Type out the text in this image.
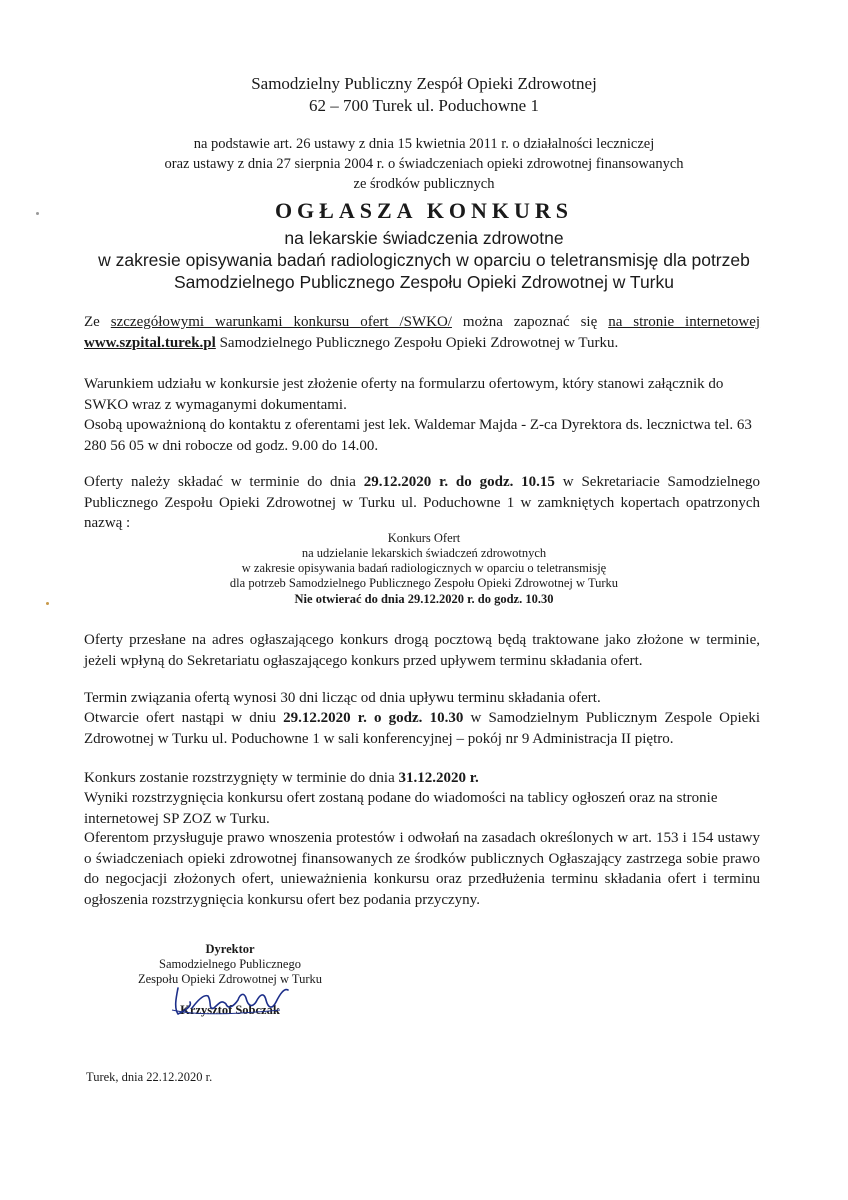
Samodzielny Publiczny Zespół Opieki Zdrowotnej
62 – 700 Turek ul. Poduchowne 1
na podstawie art. 26 ustawy z dnia 15 kwietnia 2011 r. o działalności leczniczej
oraz ustawy z dnia 27 sierpnia 2004 r. o świadczeniach opieki zdrowotnej finansowanych
ze środków publicznych
OGŁASZA KONKURS
na lekarskie świadczenia zdrowotne
w zakresie opisywania badań radiologicznych w oparciu o teletransmisję dla potrzeb
Samodzielnego Publicznego Zespołu Opieki Zdrowotnej w Turku
Ze szczegółowymi warunkami konkursu ofert /SWKO/ można zapoznać się na stronie internetowej www.szpital.turek.pl Samodzielnego Publicznego Zespołu Opieki Zdrowotnej w Turku.
Warunkiem udziału w konkursie jest złożenie oferty na formularzu ofertowym, który stanowi załącznik do SWKO wraz z wymaganymi dokumentami.
Osobą upoważnioną do kontaktu z oferentami jest lek. Waldemar Majda - Z-ca Dyrektora ds. lecznictwa tel. 63 280 56 05 w dni robocze od godz. 9.00 do 14.00.
Oferty należy składać w terminie do dnia 29.12.2020 r. do godz. 10.15 w Sekretariacie Samodzielnego Publicznego Zespołu Opieki Zdrowotnej w Turku ul. Poduchowne 1 w zamkniętych kopertach opatrzonych nazwą :
Konkurs Ofert
na udzielanie lekarskich świadczeń zdrowotnych
w zakresie opisywania badań radiologicznych w oparciu o teletransmisję
dla potrzeb Samodzielnego Publicznego Zespołu Opieki Zdrowotnej w Turku
Nie otwierać do dnia 29.12.2020 r. do godz. 10.30
Oferty przesłane na adres ogłaszającego konkurs drogą pocztową będą traktowane jako złożone w terminie, jeżeli wpłyną do Sekretariatu ogłaszającego konkurs przed upływem terminu składania ofert.
Termin związania ofertą wynosi 30 dni licząc od dnia upływu terminu składania ofert.
Otwarcie ofert nastąpi w dniu 29.12.2020 r. o godz. 10.30 w Samodzielnym Publicznym Zespole Opieki Zdrowotnej w Turku ul. Poduchowne 1 w sali konferencyjnej – pokój nr 9 Administracja II piętro.
Konkurs zostanie rozstrzygnięty w terminie do dnia 31.12.2020 r.
Wyniki rozstrzygnięcia konkursu ofert zostaną podane do wiadomości na tablicy ogłoszeń oraz na stronie internetowej SP ZOZ w Turku.
Oferentom przysługuje prawo wnoszenia protestów i odwołań na zasadach określonych w art. 153 i 154 ustawy o świadczeniach opieki zdrowotnej finansowanych ze środków publicznych Ogłaszający zastrzega sobie prawo do negocjacji złożonych ofert, unieważnienia konkursu oraz przedłużenia terminu składania ofert i terminu ogłoszenia rozstrzygnięcia konkursu ofert bez podania przyczyny.
Dyrektor
Samodzielnego Publicznego
Zespołu Opieki Zdrowotnej w Turku
Krzysztof Sobczak
Turek, dnia 22.12.2020 r.
